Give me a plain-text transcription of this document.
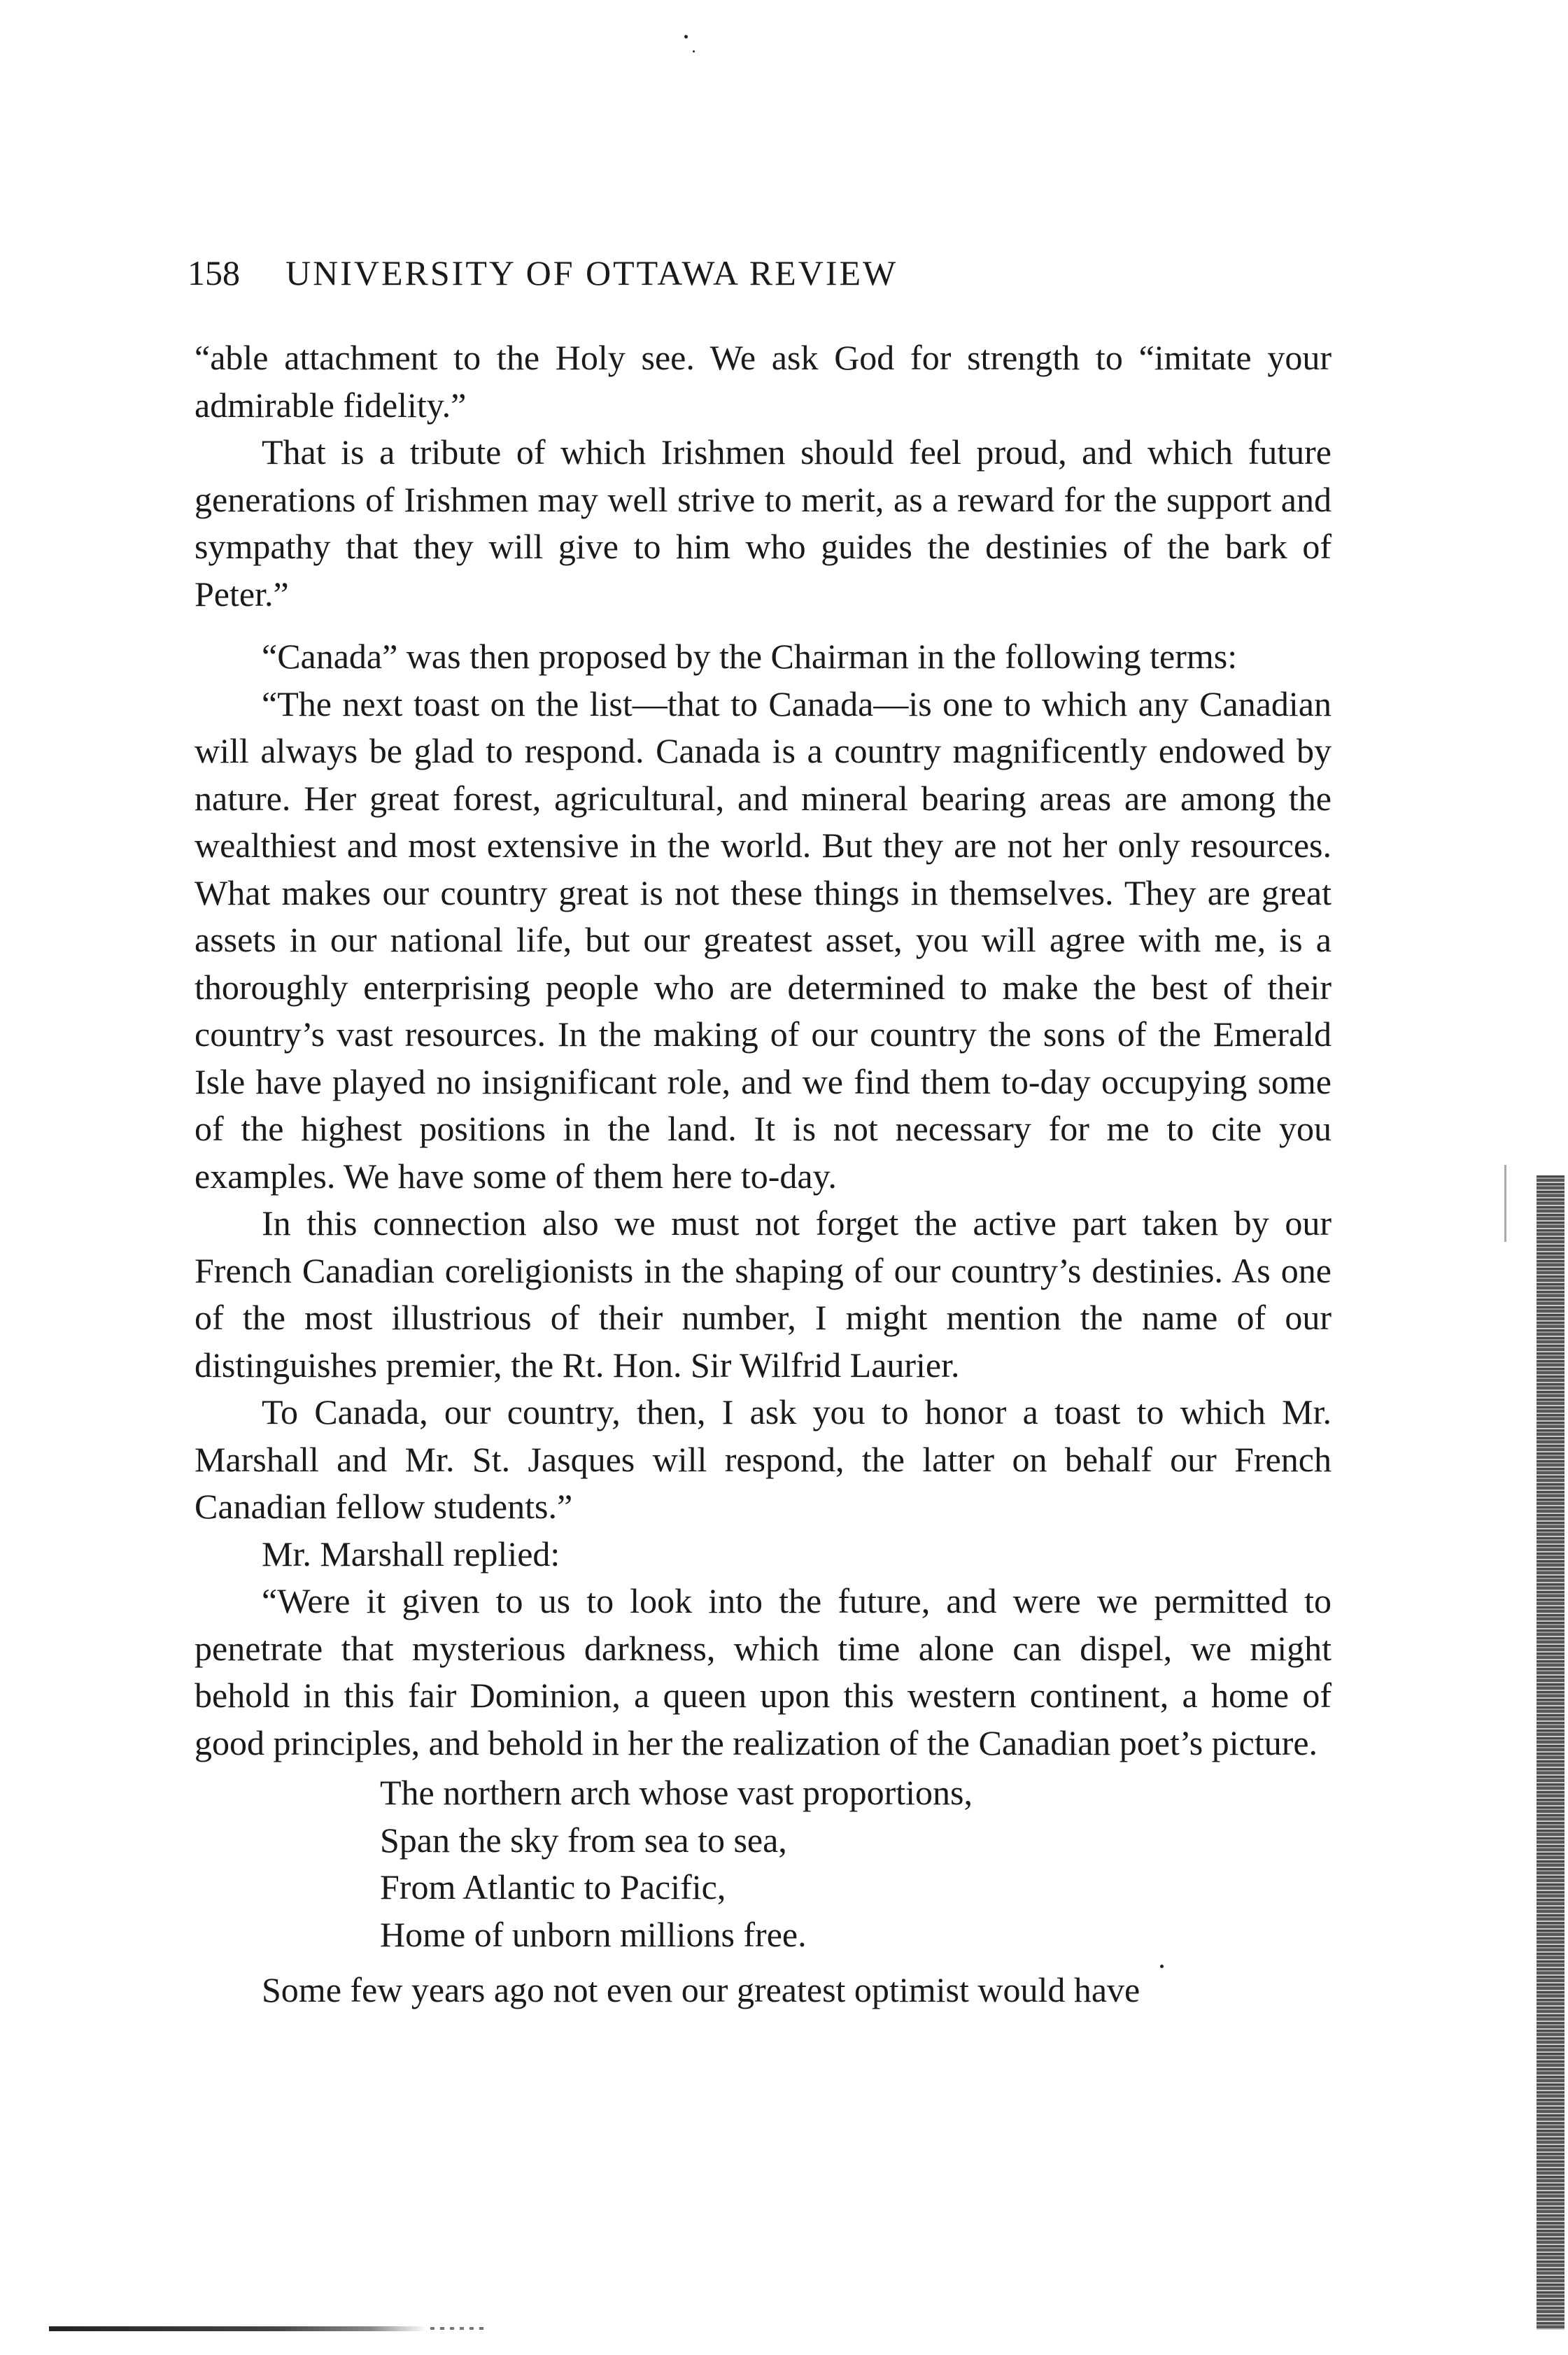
158 UNIVERSITY OF OTTAWA REVIEW

“able attachment to the Holy see. We ask God for strength to “imitate your admirable fidelity.”

That is a tribute of which Irishmen should feel proud, and which future generations of Irishmen may well strive to merit, as a reward for the support and sympathy that they will give to him who guides the destinies of the bark of Peter.”

“Canada” was then proposed by the Chairman in the following terms:

“The next toast on the list—that to Canada—is one to which any Canadian will always be glad to respond. Canada is a country magnificently endowed by nature. Her great forest, agricultural, and mineral bearing areas are among the wealthiest and most extensive in the world. But they are not her only resources. What makes our country great is not these things in themselves. They are great assets in our national life, but our greatest asset, you will agree with me, is a thoroughly enterprising people who are determined to make the best of their country’s vast resources. In the making of our country the sons of the Emerald Isle have played no insignificant role, and we find them to-day occupying some of the highest positions in the land. It is not necessary for me to cite you examples. We have some of them here to-day.

In this connection also we must not forget the active part taken by our French Canadian coreligionists in the shaping of our country’s destinies. As one of the most illustrious of their number, I might mention the name of our distinguishes premier, the Rt. Hon. Sir Wilfrid Laurier.

To Canada, our country, then, I ask you to honor a toast to which Mr. Marshall and Mr. St. Jasques will respond, the latter on behalf our French Canadian fellow students.”

Mr. Marshall replied:

“Were it given to us to look into the future, and were we permitted to penetrate that mysterious darkness, which time alone can dispel, we might behold in this fair Dominion, a queen upon this western continent, a home of good principles, and behold in her the realization of the Canadian poet’s picture.

The northern arch whose vast proportions,
Span the sky from sea to sea,
From Atlantic to Pacific,
Home of unborn millions free.

Some few years ago not even our greatest optimist would have
